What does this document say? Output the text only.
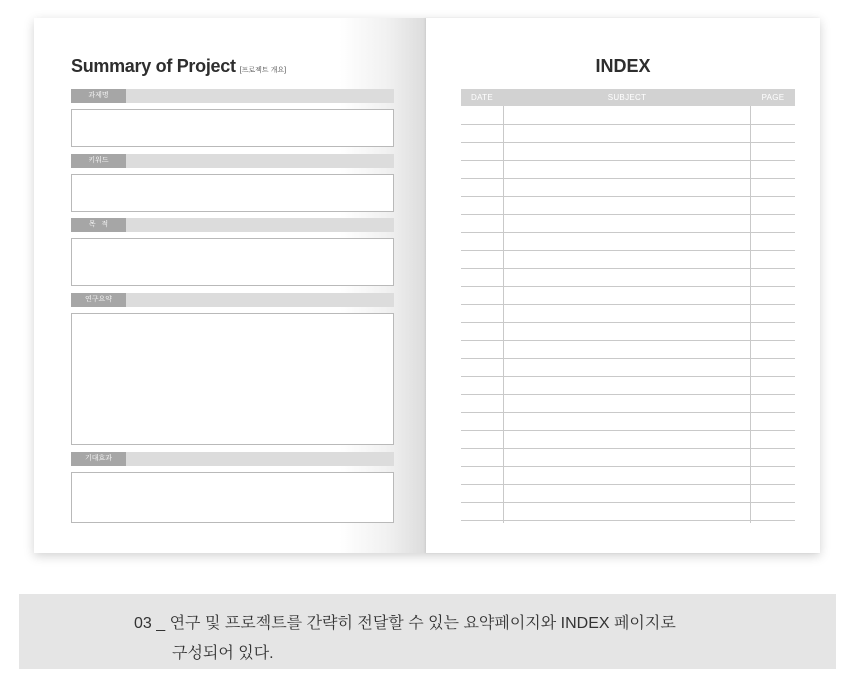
Summary of Project [프로젝트 개요]
과제명
키워드
목   적
연구요약
기대효과
INDEX
DATE	SUBJECT	PAGE
03 _ 연구 및 프로젝트를 간략히 전달할 수 있는 요약페이지와 INDEX 페이지로
구성되어 있다.
